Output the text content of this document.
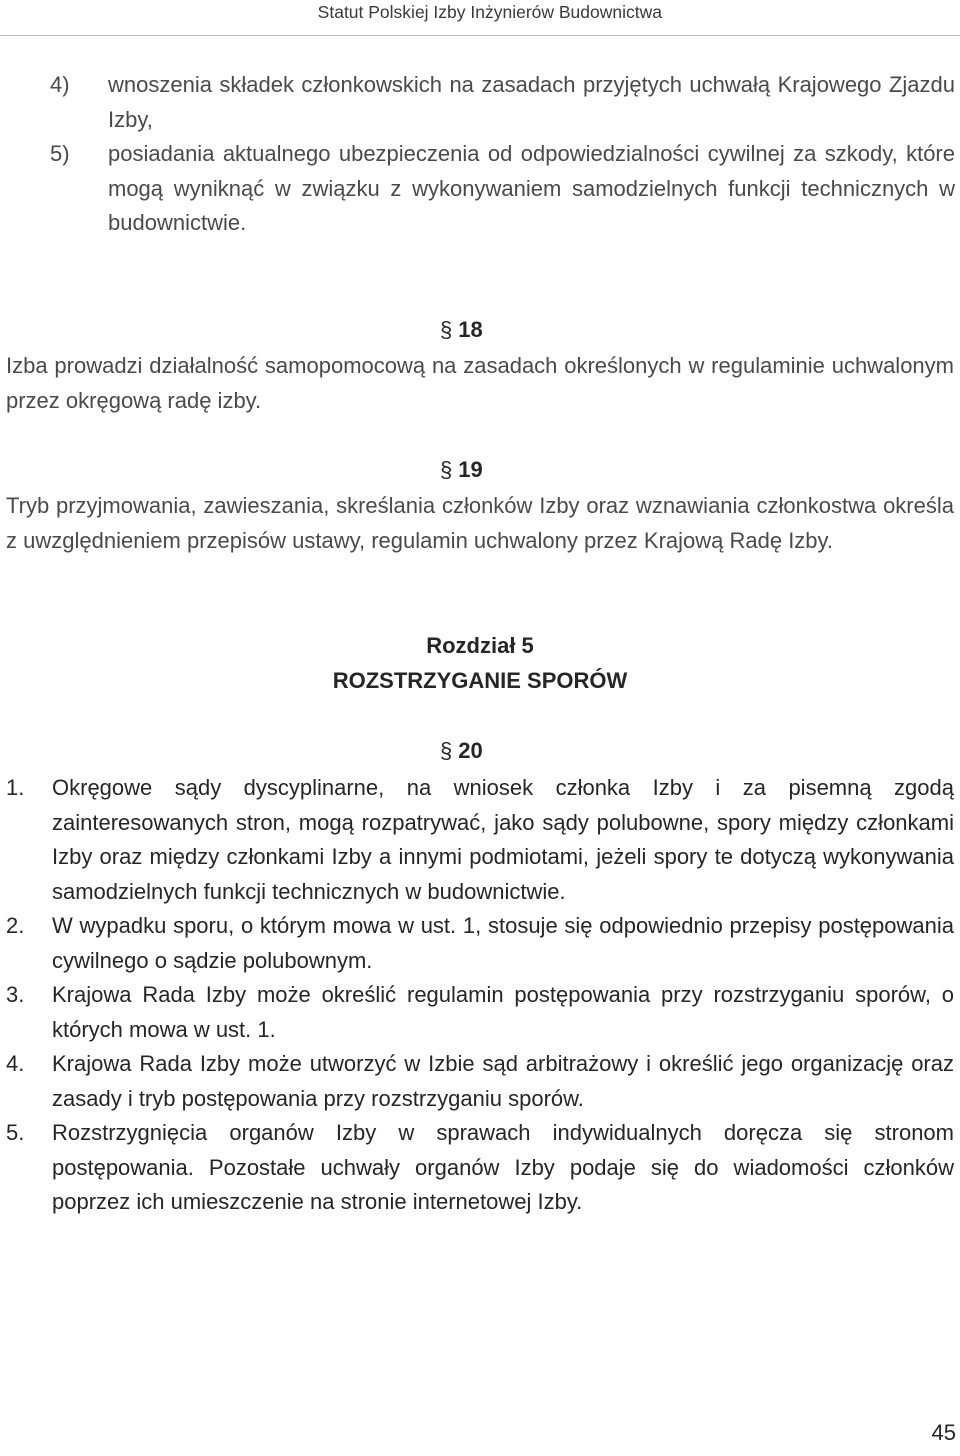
Statut Polskiej Izby Inżynierów Budownictwa
4) wnoszenia składek członkowskich na zasadach przyjętych uchwałą Krajowego Zjazdu Izby,
5) posiadania aktualnego ubezpieczenia od odpowiedzialności cywilnej za szkody, które mogą wyniknąć w związku z wykonywaniem samodzielnych funkcji technicznych w budownictwie.
§ 18
Izba prowadzi działalność samopomocową na zasadach określonych w regulaminie uchwalonym przez okręgową radę izby.
§ 19
Tryb przyjmowania, zawieszania, skreślania członków Izby oraz wznawiania członkostwa określa z uwzględnieniem przepisów ustawy, regulamin uchwalony przez Krajową Radę Izby.
Rozdział 5
ROZSTRZYGANIE SPORÓW
§ 20
1. Okręgowe sądy dyscyplinarne, na wniosek członka Izby i za pisemną zgodą zainteresowanych stron, mogą rozpatrywać, jako sądy polubowne, spory między członkami Izby oraz między członkami Izby a innymi podmiotami, jeżeli spory te dotyczą wykonywania samodzielnych funkcji technicznych w budownictwie.
2. W wypadku sporu, o którym mowa w ust. 1, stosuje się odpowiednio przepisy postępowania cywilnego o sądzie polubownym.
3. Krajowa Rada Izby może określić regulamin postępowania przy rozstrzyganiu sporów, o których mowa w ust. 1.
4. Krajowa Rada Izby może utworzyć w Izbie sąd arbitrażowy i określić jego organizację oraz zasady i tryb postępowania przy rozstrzyganiu sporów.
5. Rozstrzygnięcia organów Izby w sprawach indywidualnych doręcza się stronom postępowania. Pozostałe uchwały organów Izby podaje się do wiadomości członków poprzez ich umieszczenie na stronie internetowej Izby.
45
